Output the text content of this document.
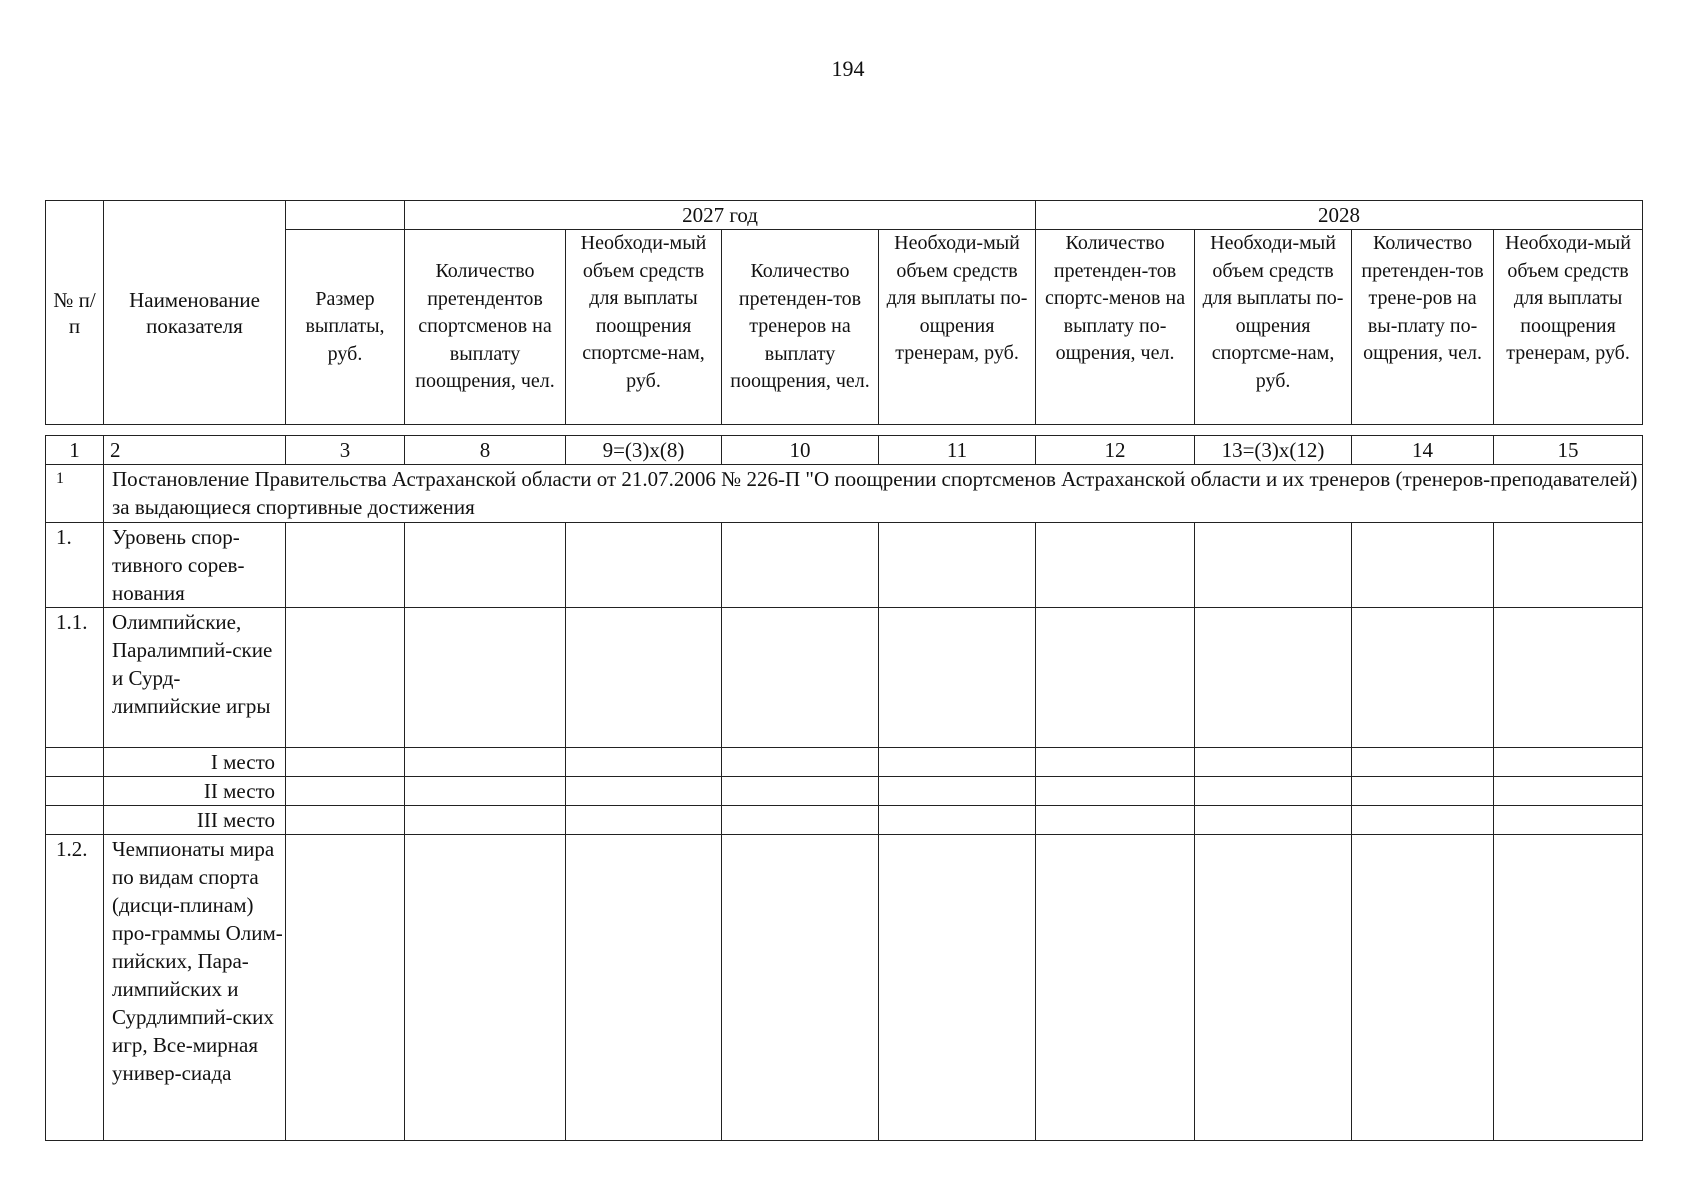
194
№ п/п	Наименование показателя		2027 год				2028			
		Размер выплаты, руб.	Количество претендентов спортсменов на выплату поощрения, чел.	Необходи-мый объем средств для выплаты поощрения спортсме-нам, руб.	Количество претенден-тов тренеров на выплату поощрения, чел.	Необходи-мый объем средств для выплаты по-ощрения тренерам, руб.	Количество претенден-тов спортс-менов на выплату по-ощрения, чел.	Необходи-мый объем средств для выплаты по-ощрения спортсме-нам, руб.	Количество претенден-тов трене-ров на вы-плату по-ощрения, чел.	Необходи-мый объем средств для выплаты поощрения тренерам, руб.
1	2	3	8	9=(3)х(8)	10	11	12	13=(3)х(12)	14	15
1	Постановление Правительства Астраханской области от 21.07.2006 № 226-П "О поощрении спортсменов Астраханской области и их тренеров (тренеров-преподавателей) за выдающиеся спортивные достижения									
1.	Уровень спор-тивного сорев-нования									
1.1.	Олимпийские, Паралимпий-ские и Сурд-лимпийские игры									
	I место									
	II место									
	III место									
1.2.	Чемпионаты мира по видам спорта (дисци-плинам) про-граммы Олим-пийских, Пара-лимпийских и Сурдлимпий-ских игр, Все-мирная универ-сиада									
